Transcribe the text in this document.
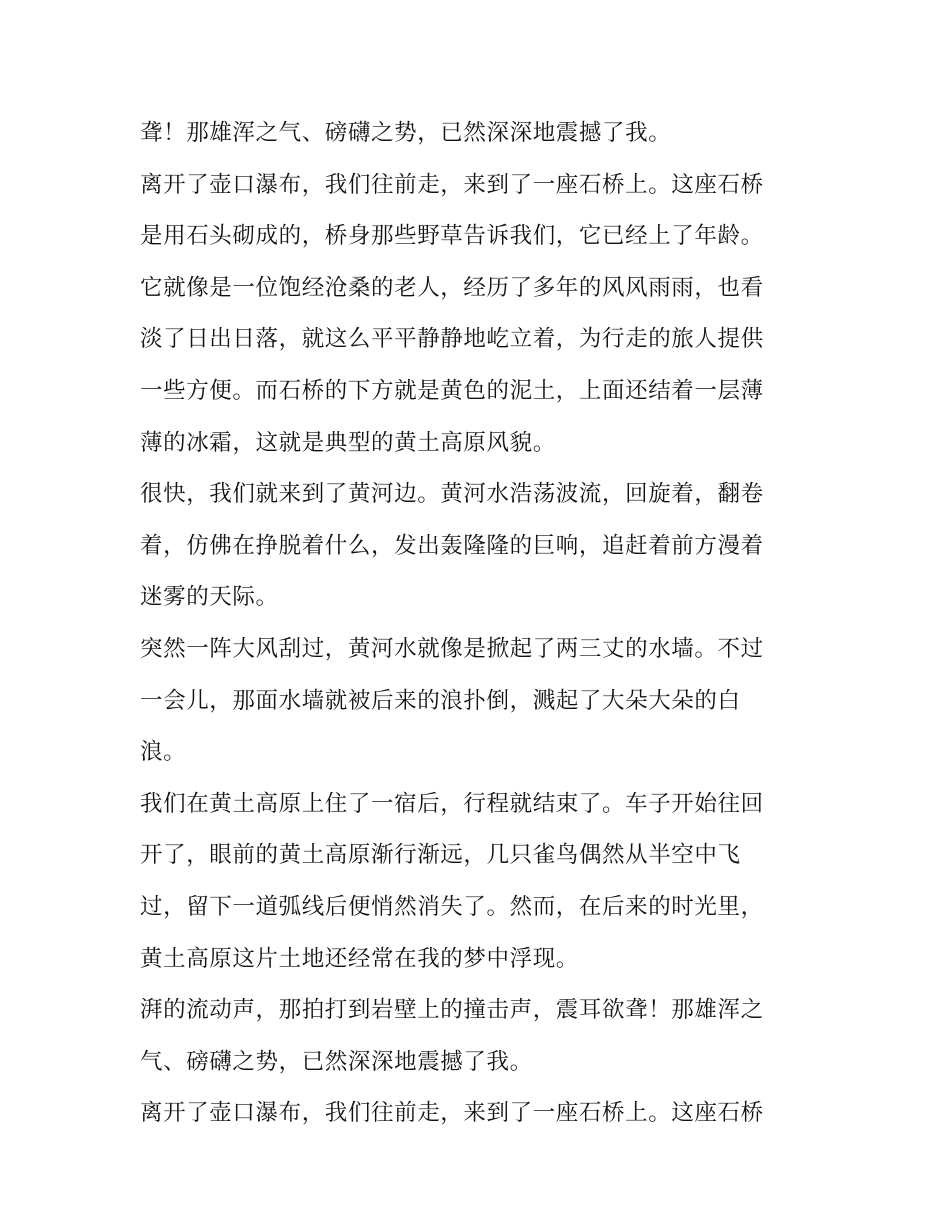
聋！那雄浑之气、磅礴之势，已然深深地震撼了我。
离开了壶口瀑布，我们往前走，来到了一座石桥上。这座石桥
是用石头砌成的，桥身那些野草告诉我们，它已经上了年龄。
它就像是一位饱经沧桑的老人，经历了多年的风风雨雨，也看
淡了日出日落，就这么平平静静地屹立着，为行走的旅人提供
一些方便。而石桥的下方就是黄色的泥土，上面还结着一层薄
薄的冰霜，这就是典型的黄土高原风貌。
很快，我们就来到了黄河边。黄河水浩荡波流，回旋着，翻卷
着，仿佛在挣脱着什么，发出轰隆隆的巨响，追赶着前方漫着
迷雾的天际。
突然一阵大风刮过，黄河水就像是掀起了两三丈的水墙。不过
一会儿，那面水墙就被后来的浪扑倒，溅起了大朵大朵的白
浪。
我们在黄土高原上住了一宿后，行程就结束了。车子开始往回
开了，眼前的黄土高原渐行渐远，几只雀鸟偶然从半空中飞
过，留下一道弧线后便悄然消失了。然而，在后来的时光里，
黄土高原这片土地还经常在我的梦中浮现。
湃的流动声，那拍打到岩壁上的撞击声，震耳欲聋！那雄浑之
气、磅礴之势，已然深深地震撼了我。
离开了壶口瀑布，我们往前走，来到了一座石桥上。这座石桥
